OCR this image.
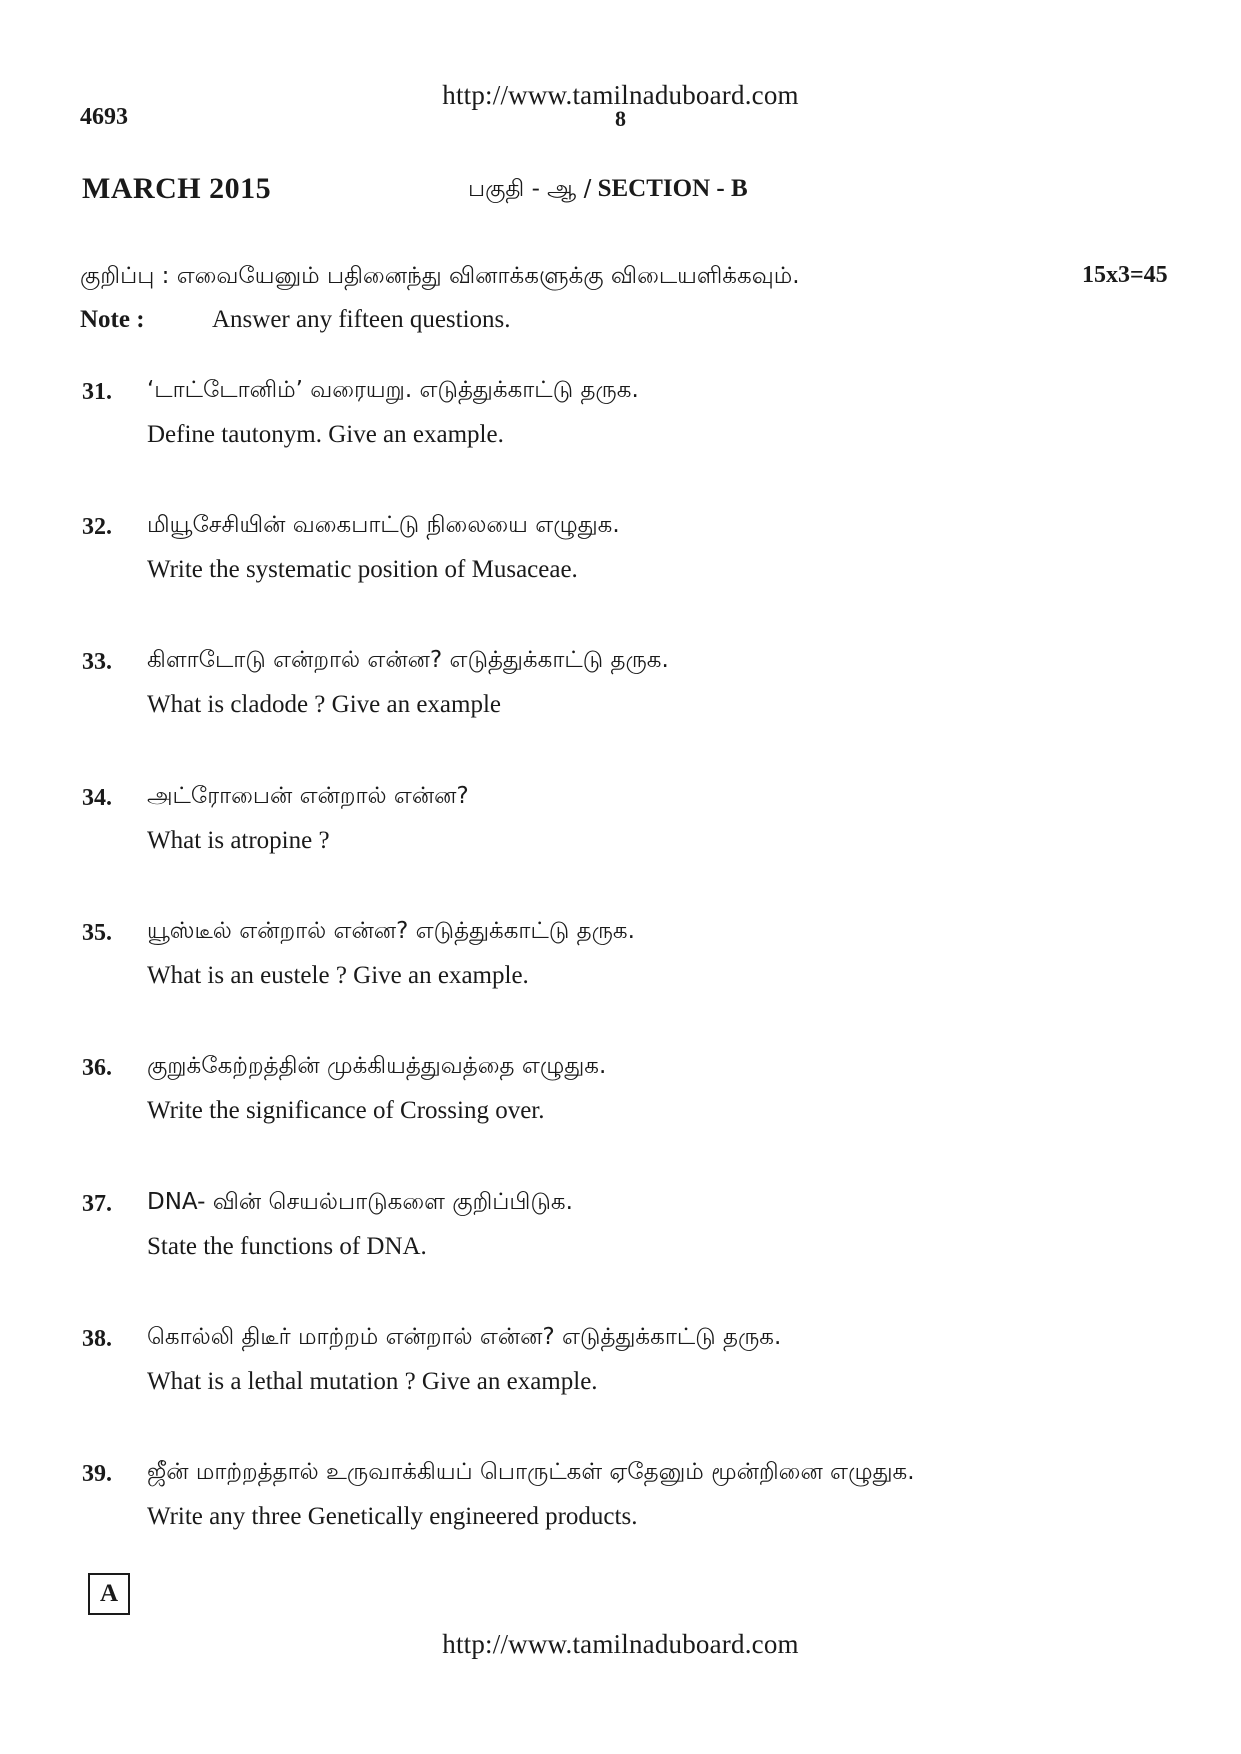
http://www.tamilnaduboard.com
4693	8
MARCH 2015	பகுதி - ஆ / SECTION - B
குறிப்பு : எவையேனும் பதினைந்து வினாக்களுக்கு விடையளிக்கவும்.	15x3=45
Note :	Answer any fifteen questions.
31. ‘டாட்டோனிம்’ வரையறு. எடுத்துக்காட்டு தருக.
Define tautonym. Give an example.
32. மியூசேசியின் வகைபாட்டு நிலையை எழுதுக.
Write the systematic position of Musaceae.
33. கிளாடோடு என்றால் என்ன? எடுத்துக்காட்டு தருக.
What is cladode ? Give an example
34. அட்ரோபைன் என்றால் என்ன?
What is atropine ?
35. யூஸ்டீல் என்றால் என்ன? எடுத்துக்காட்டு தருக.
What is an eustele ? Give an example.
36. குறுக்கேற்றத்தின் முக்கியத்துவத்தை எழுதுக.
Write the significance of Crossing over.
37. DNA- வின் செயல்பாடுகளை குறிப்பிடுக.
State the functions of DNA.
38. கொல்லி திடீர் மாற்றம் என்றால் என்ன? எடுத்துக்காட்டு தருக.
What is a lethal mutation ? Give an example.
39. ஜீன் மாற்றத்தால் உருவாக்கியப் பொருட்கள் ஏதேனும் மூன்றினை எழுதுக.
Write any three Genetically engineered products.
A
http://www.tamilnaduboard.com
